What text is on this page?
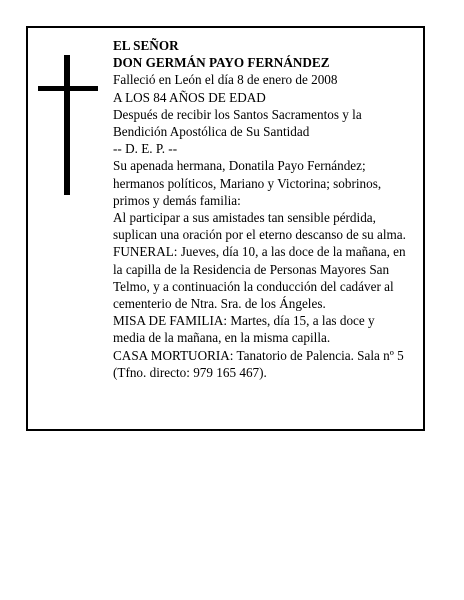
EL SEÑOR
DON GERMÁN PAYO FERNÁNDEZ
Falleció en León el día 8 de enero de 2008
A LOS 84 AÑOS DE EDAD
Después de recibir los Santos Sacramentos y la
Bendición Apostólica de Su Santidad
-- D. E. P. --
Su apenada hermana, Donatila Payo Fernández;
hermanos políticos, Mariano y Victorina; sobrinos,
primos y demás familia:
Al participar a sus amistades tan sensible pérdida,
suplican una oración por el eterno descanso de su alma.
FUNERAL: Jueves, día 10, a las doce de la mañana, en
la capilla de la Residencia de Personas Mayores San
Telmo, y a continuación la conducción del cadáver al
cementerio de Ntra. Sra. de los Ángeles.
MISA DE FAMILIA: Martes, día 15, a las doce y
media de la mañana, en la misma capilla.
CASA MORTUORIA: Tanatorio de Palencia. Sala nº 5
(Tfno. directo: 979 165 467).
